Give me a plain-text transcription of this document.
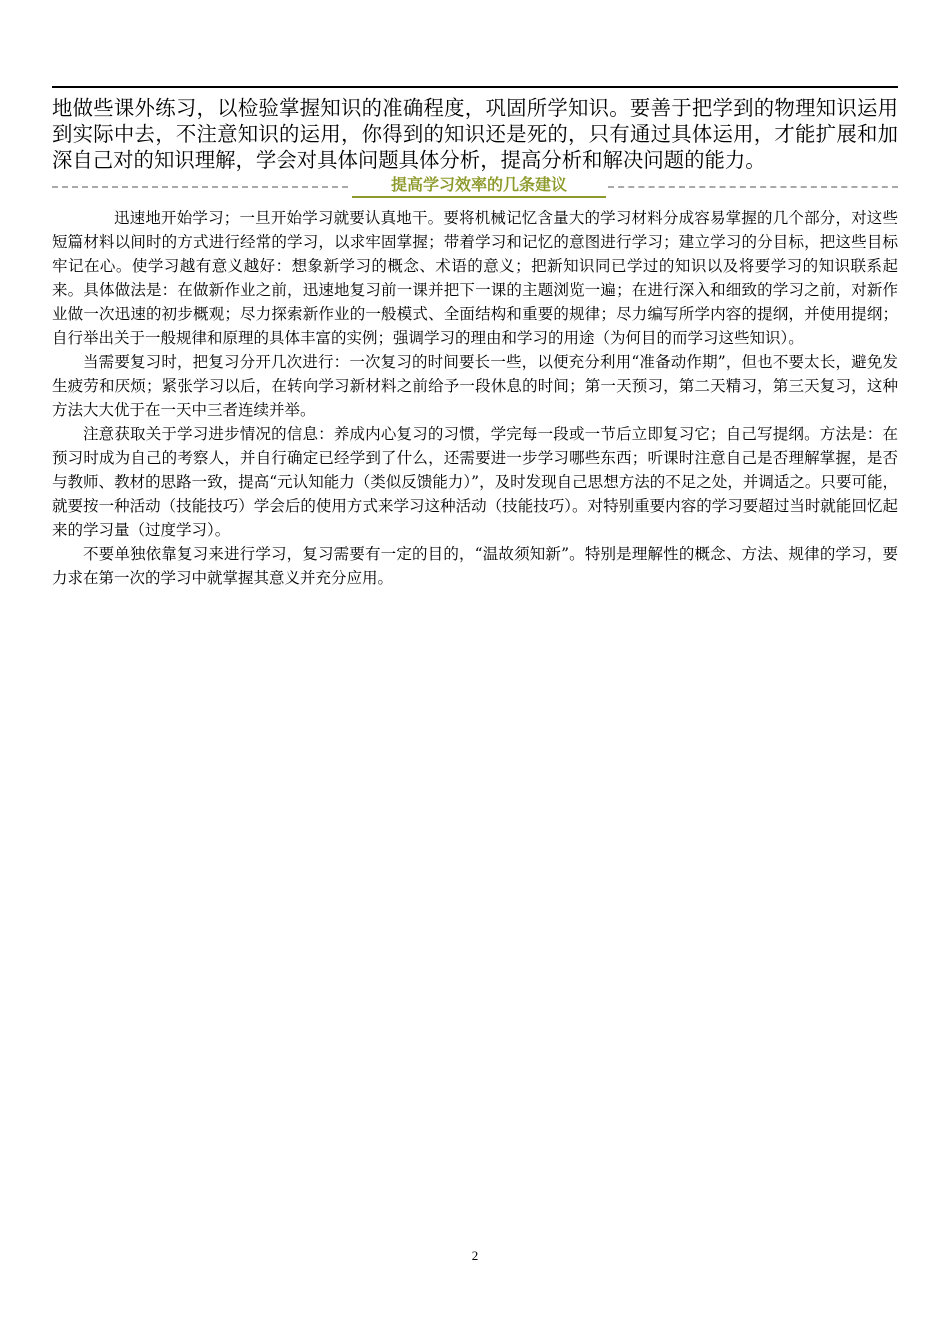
地做些课外练习，以检验掌握知识的准确程度，巩固所学知识。要善于把学到的物理知识运用到实际中去，不注意知识的运用，你得到的知识还是死的，只有通过具体运用，才能扩展和加深自己对的知识理解，学会对具体问题具体分析，提高分析和解决问题的能力。

提高学习效率的几条建议

迅速地开始学习；一旦开始学习就要认真地干。要将机械记忆含量大的学习材料分成容易掌握的几个部分，对这些短篇材料以间时的方式进行经常的学习，以求牢固掌握；带着学习和记忆的意图进行学习；建立学习的分目标，把这些目标牢记在心。使学习越有意义越好：想象新学习的概念、术语的意义；把新知识同已学过的知识以及将要学习的知识联系起来。具体做法是：在做新作业之前，迅速地复习前一课并把下一课的主题浏览一遍；在进行深入和细致的学习之前，对新作业做一次迅速的初步概观；尽力探索新作业的一般模式、全面结构和重要的规律；尽力编写所学内容的提纲，并使用提纲；自行举出关于一般规律和原理的具体丰富的实例；强调学习的理由和学习的用途（为何目的而学习这些知识）。

当需要复习时，把复习分开几次进行：一次复习的时间要长一些，以便充分利用“准备动作期”，但也不要太长，避免发生疲劳和厌烦；紧张学习以后，在转向学习新材料之前给予一段休息的时间；第一天预习，第二天精习，第三天复习，这种方法大大优于在一天中三者连续并举。

注意获取关于学习进步情况的信息：养成内心复习的习惯，学完每一段或一节后立即复习它；自己写提纲。方法是：在预习时成为自己的考察人，并自行确定已经学到了什么，还需要进一步学习哪些东西；听课时注意自己是否理解掌握，是否与教师、教材的思路一致，提高“元认知能力（类似反馈能力）”，及时发现自己思想方法的不足之处，并调适之。只要可能，就要按一种活动（技能技巧）学会后的使用方式来学习这种活动（技能技巧）。对特别重要内容的学习要超过当时就能回忆起来的学习量（过度学习）。

不要单独依靠复习来进行学习，复习需要有一定的目的，“温故须知新”。特别是理解性的概念、方法、规律的学习，要力求在第一次的学习中就掌握其意义并充分应用。

2
